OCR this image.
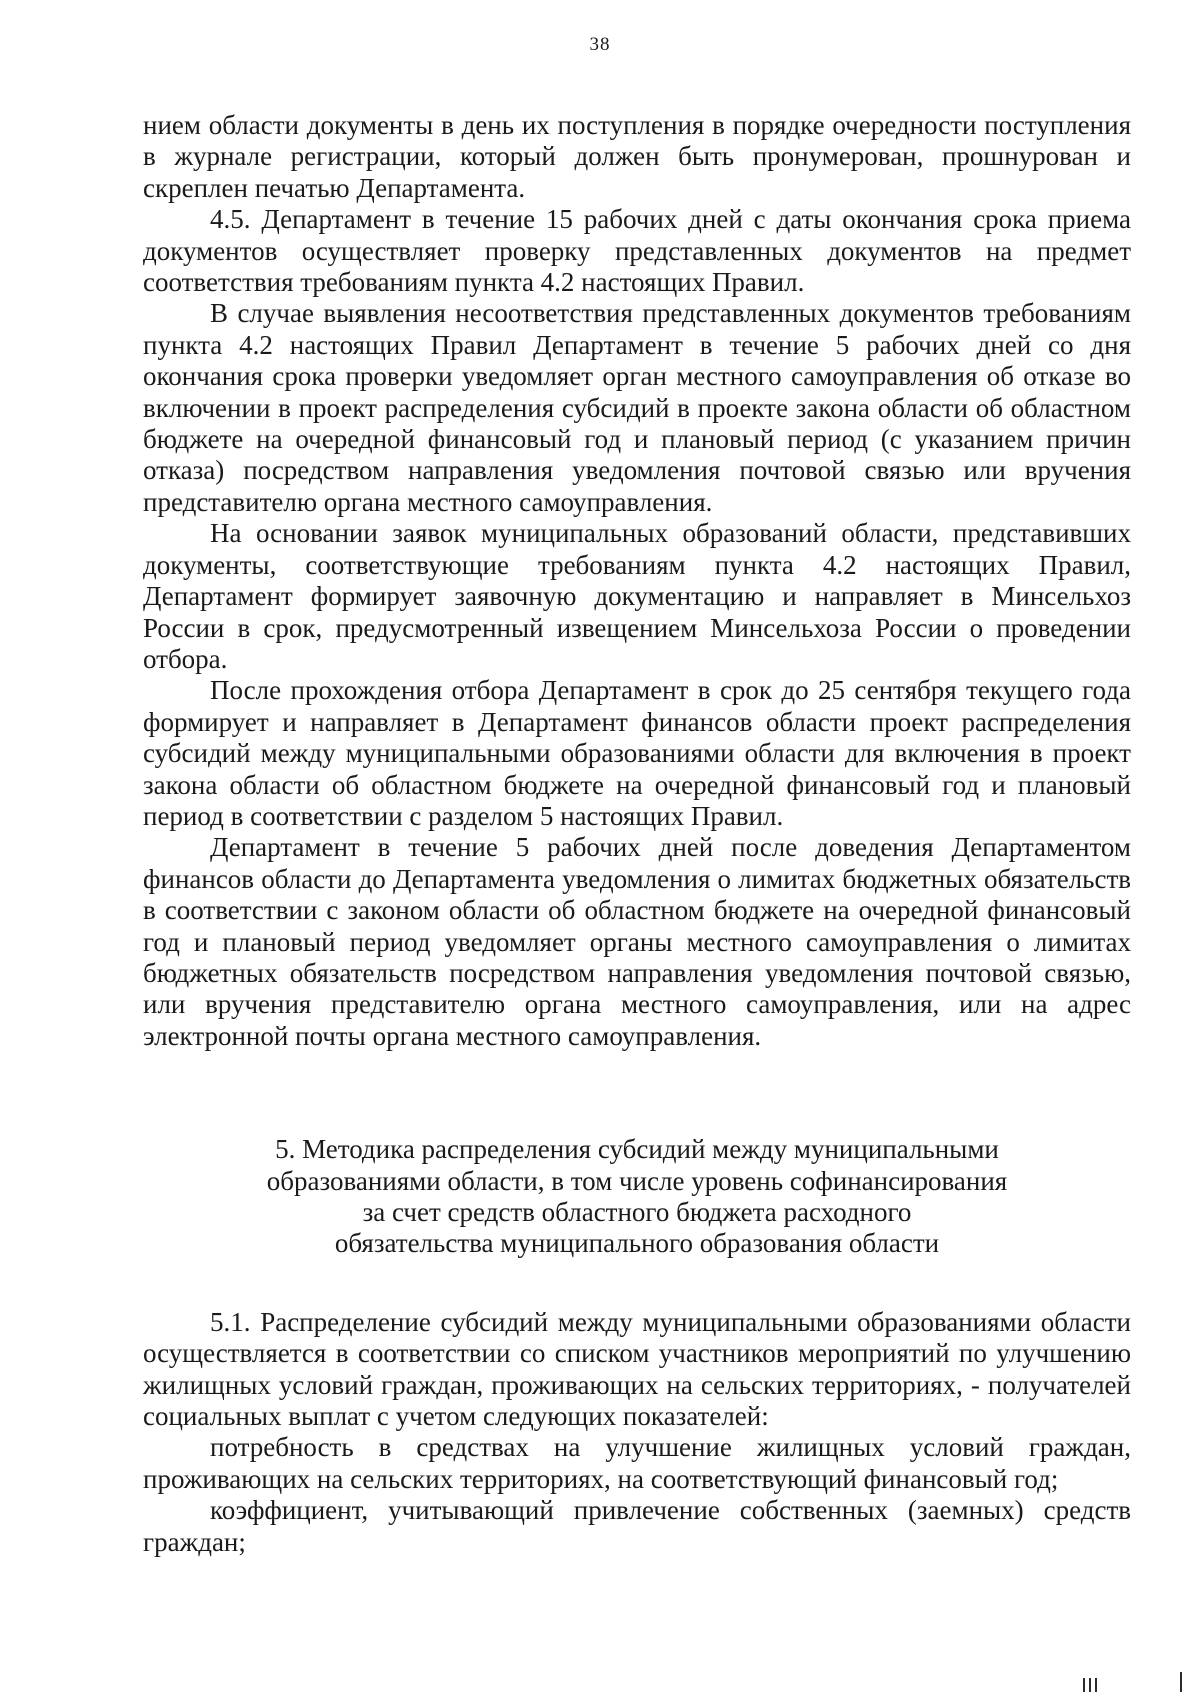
38

нием области документы в день их поступления в порядке очередности поступления в журнале регистрации, который должен быть пронумерован, прошнурован и скреплен печатью Департамента.

4.5. Департамент в течение 15 рабочих дней с даты окончания срока приема документов осуществляет проверку представленных документов на предмет соответствия требованиям пункта 4.2 настоящих Правил.

В случае выявления несоответствия представленных документов требованиям пункта 4.2 настоящих Правил Департамент в течение 5 рабочих дней со дня окончания срока проверки уведомляет орган местного самоуправления об отказе во включении в проект распределения субсидий в проекте закона области об областном бюджете на очередной финансовый год и плановый период (с указанием причин отказа) посредством направления уведомления почтовой связью или вручения представителю органа местного самоуправления.

На основании заявок муниципальных образований области, представивших документы, соответствующие требованиям пункта 4.2 настоящих Правил, Департамент формирует заявочную документацию и направляет в Минсельхоз России в срок, предусмотренный извещением Минсельхоза России о проведении отбора.

После прохождения отбора Департамент в срок до 25 сентября текущего года формирует и направляет в Департамент финансов области проект распределения субсидий между муниципальными образованиями области для включения в проект закона области об областном бюджете на очередной финансовый год и плановый период в соответствии с разделом 5 настоящих Правил.

Департамент в течение 5 рабочих дней после доведения Департаментом финансов области до Департамента уведомления о лимитах бюджетных обязательств в соответствии с законом области об областном бюджете на очередной финансовый год и плановый период уведомляет органы местного самоуправления о лимитах бюджетных обязательств посредством направления уведомления почтовой связью, или вручения представителю органа местного самоуправления, или на адрес электронной почты органа местного самоуправления.

5. Методика распределения субсидий между муниципальными
образованиями области, в том числе уровень софинансирования
за счет средств областного бюджета расходного
обязательства муниципального образования области

5.1. Распределение субсидий между муниципальными образованиями области осуществляется в соответствии со списком участников мероприятий по улучшению жилищных условий граждан, проживающих на сельских территориях, - получателей социальных выплат с учетом следующих показателей:

потребность в средствах на улучшение жилищных условий граждан, проживающих на сельских территориях, на соответствующий финансовый год;

коэффициент, учитывающий привлечение собственных (заемных) средств граждан;
